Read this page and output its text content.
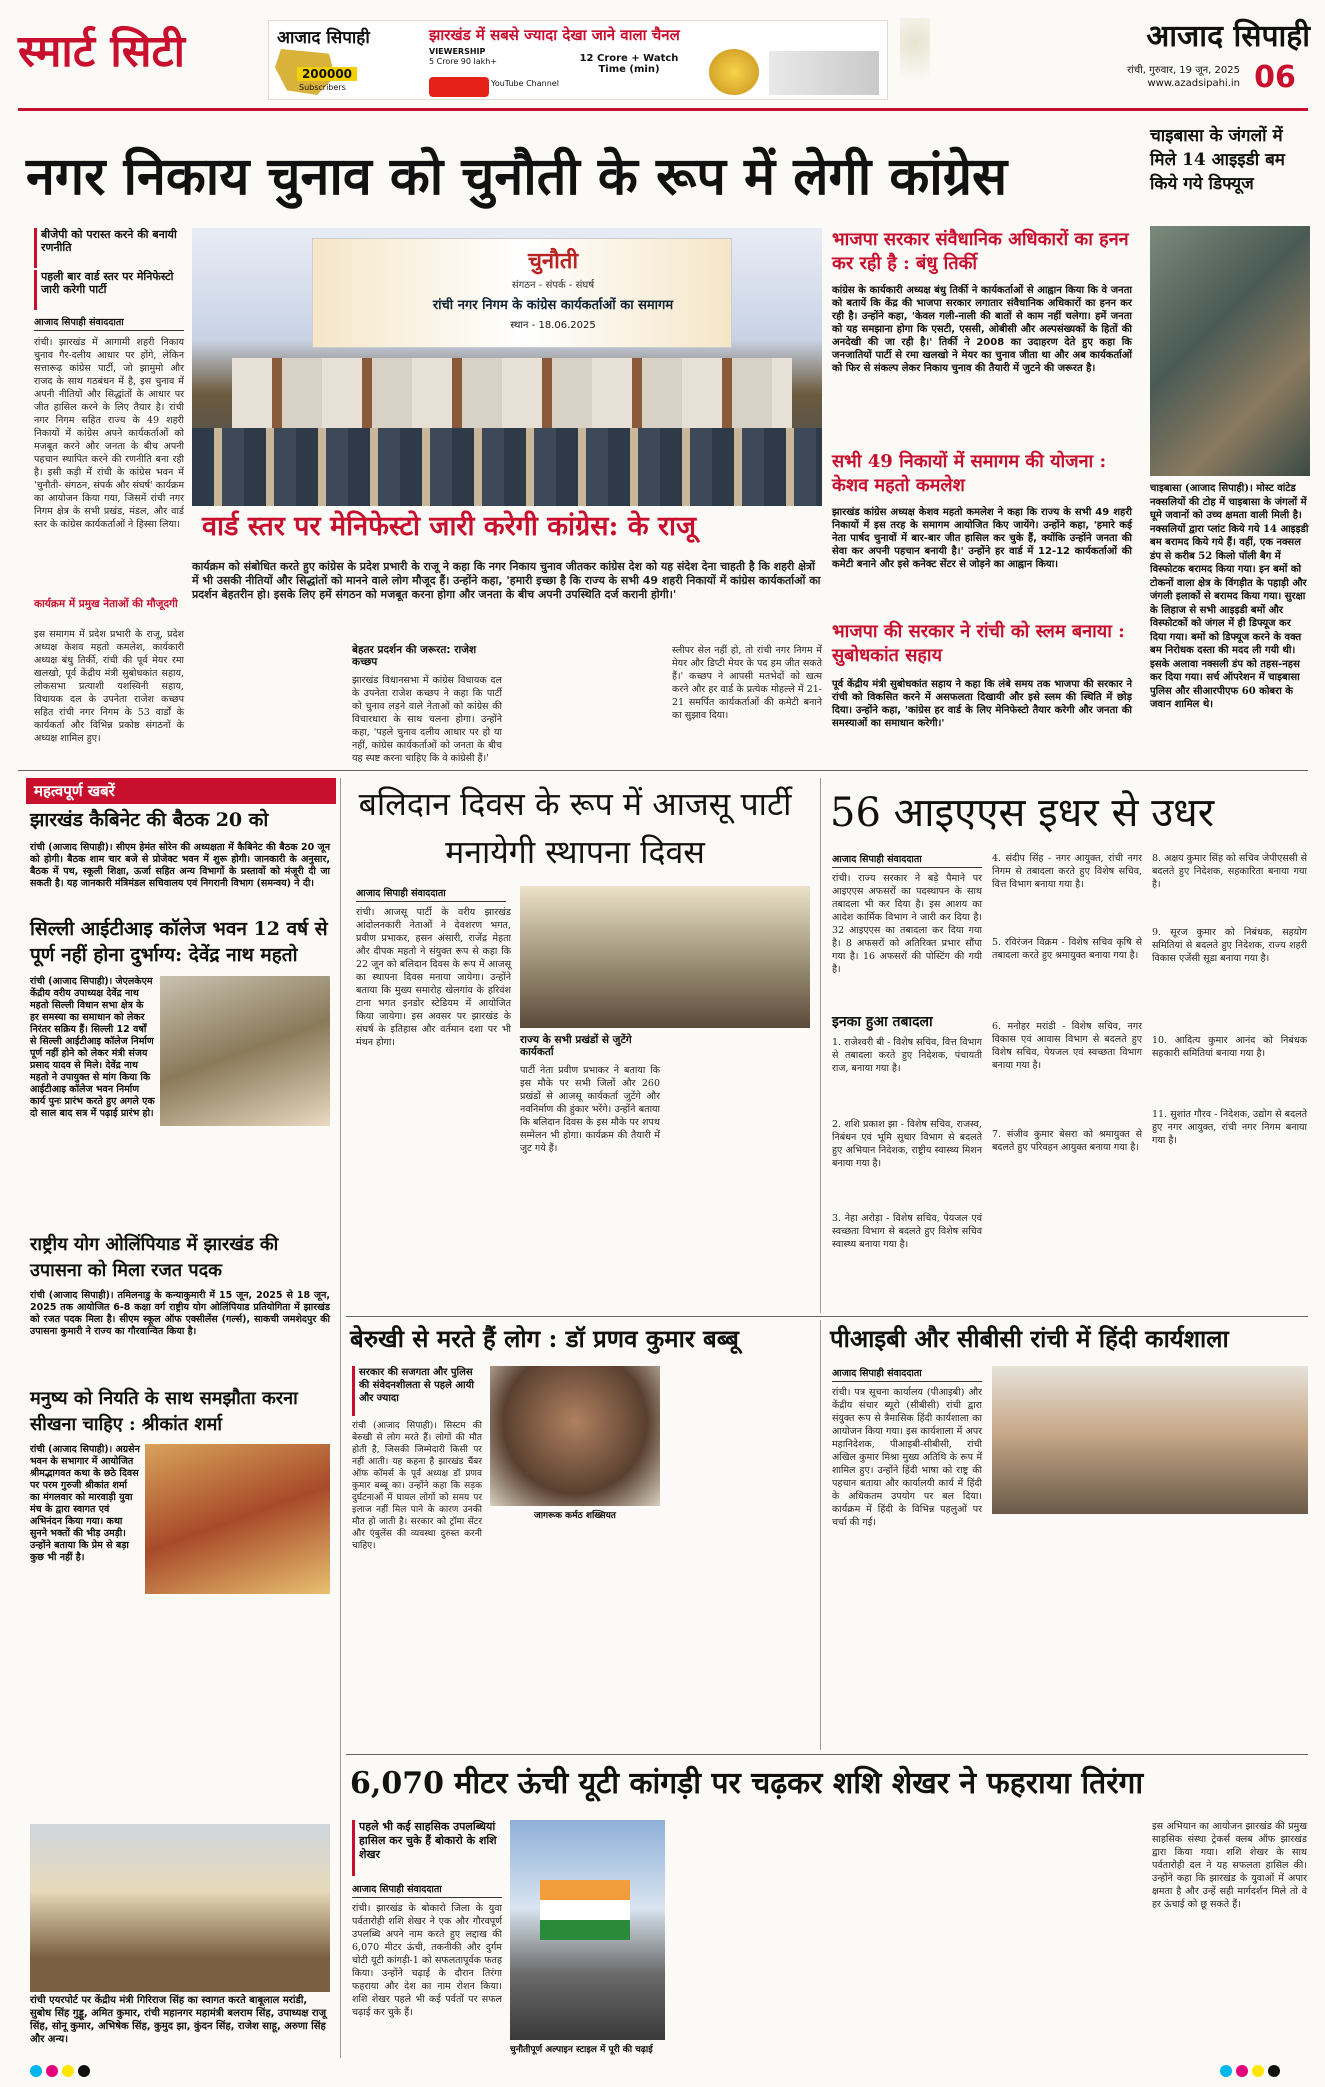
स्मार्ट सिटी	आजाद सिपाही
200000
Subscribers
झारखंड में सबसे ज्यादा देखा जाने वाला चैनल
VIEWERSHIP
5 Crore 90 lakh+
YouTube Channel
12 Crore + Watch Time (min)
आजाद सिपाही
रांची, गुरुवार, 19 जून, 2025
www.azadsipahi.in 06
नगर निकाय चुनाव को चुनौती के रूप में लेगी कांग्रेस
चाइबासा के जंगलों में मिले 14 आइइडी बम किये गये डिफ्यूज
चाइबासा (आजाद सिपाही)। मोस्ट वांटेड नक्सलियों की टोह में चाइबासा के जंगलों में घूमे जवानों को उच्च क्षमता वाली मिली है। नक्सलियों द्वारा प्लांट किये गये 14 आइइडी बम बरामद किये गये हैं। वहीं, एक नक्सल डंप से करीब 52 किलो पॉली बैग में विस्फोटक बरामद किया गया। इन बमों को टोकनों वाला क्षेत्र के विंगड़ीत के पहाड़ी और जंगली इलाकों से बरामद किया गया। सुरक्षा के लिहाज से सभी आइइडी बमों और विस्फोटकों को जंगल में ही डिफ्यूज कर दिया गया। बमों को डिफ्यूज करने के वक्त बम निरोधक दस्ता की मदद ली गयी थी। इसके अलावा नक्सली डंप को तहस-नहस कर दिया गया। सर्च ऑपरेशन में चाइबासा पुलिस और सीआरपीएफ 60 कोबरा के जवान शामिल थे।
बीजेपी को परास्त करने की बनायी रणनीति
पहली बार वार्ड स्तर पर मेनिफेस्टो जारी करेगी पार्टी
आजाद सिपाही संवाददाता
रांची। झारखंड में आगामी शहरी निकाय चुनाव गैर-दलीय आधार पर होंगे, लेकिन सत्तारूढ़ कांग्रेस पार्टी, जो झामुमो और राजद के साथ गठबंधन में है, इस चुनाव में अपनी नीतियों और सिद्धांतों के आधार पर जीत हासिल करने के लिए तैयार है। रांची नगर निगम सहित राज्य के 49 शहरी निकायों में कांग्रेस अपने कार्यकर्ताओं को मजबूत करने और जनता के बीच अपनी पहचान स्थापित करने की रणनीति बना रही है। इसी कड़ी में रांची के कांग्रेस भवन में 'चुनौती- संगठन, संपर्क और संघर्ष' कार्यक्रम का आयोजन किया गया, जिसमें रांची नगर निगम क्षेत्र के सभी प्रखंड, मंडल, और वार्ड स्तर के कांग्रेस कार्यकर्ताओं ने हिस्सा लिया।
कार्यक्रम में प्रमुख नेताओं की मौजूदगी
इस समागम में प्रदेश प्रभारी के राजू, प्रदेश अध्यक्ष केशव महतो कमलेश, कार्यकारी अध्यक्ष बंधु तिर्की, रांची की पूर्व मेयर रमा खलखो, पूर्व केंद्रीय मंत्री सुबोधकांत सहाय, लोकसभा प्रत्याशी यशस्विनी सहाय, विधायक दल के उपनेता राजेश कच्छप सहित रांची नगर निगम के 53 वार्डों के कार्यकर्ता और विभिन्न प्रकोष्ठ संगठनों के अध्यक्ष शामिल हुए।
चुनौती
संगठन - संपर्क - संघर्ष
रांची नगर निगम के कांग्रेस कार्यकर्ताओं का समागम
स्थान - 18.06.2025
वार्ड स्तर पर मेनिफेस्टो जारी करेगी कांग्रेस: के राजू
कार्यक्रम को संबोधित करते हुए कांग्रेस के प्रदेश प्रभारी के राजू ने कहा कि नगर निकाय चुनाव जीतकर कांग्रेस देश को यह संदेश देना चाहती है कि शहरी क्षेत्रों में भी उसकी नीतियों और सिद्धांतों को मानने वाले लोग मौजूद हैं। उन्होंने कहा, 'हमारी इच्छा है कि राज्य के सभी 49 शहरी निकायों में कांग्रेस कार्यकर्ताओं का प्रदर्शन बेहतरीन हो। इसके लिए हमें संगठन को मजबूत करना होगा और जनता के बीच अपनी उपस्थिति दर्ज करानी होगी।'
बेहतर प्रदर्शन की जरूरत: राजेश कच्छप
झारखंड विधानसभा में कांग्रेस विधायक दल के उपनेता राजेश कच्छप ने कहा कि पार्टी को चुनाव लड़ने वाले नेताओं को कांग्रेस की विचारधारा के साथ चलना होगा। उन्होंने कहा, 'पहले चुनाव दलीय आधार पर हो या नहीं, कांग्रेस कार्यकर्ताओं को जनता के बीच यह स्पष्ट करना चाहिए कि वे कांग्रेसी हैं।'
स्लीपर सेल नहीं हो, तो रांची नगर निगम में मेयर और डिप्टी मेयर के पद हम जीत सकते हैं।' कच्छप ने आपसी मतभेदों को खत्म करने और हर वार्ड के प्रत्येक मोहल्ले में 21-21 समर्पित कार्यकर्ताओं की कमेटी बनाने का सुझाव दिया।
भाजपा सरकार संवैधानिक अधिकारों का हनन कर रही है : बंधु तिर्की
कांग्रेस के कार्यकारी अध्यक्ष बंधु तिर्की ने कार्यकर्ताओं से आह्वान किया कि वे जनता को बतायें कि केंद्र की भाजपा सरकार लगातार संवैधानिक अधिकारों का हनन कर रही है। उन्होंने कहा, 'केवल गली-नाली की बातों से काम नहीं चलेगा। हमें जनता को यह समझाना होगा कि एसटी, एससी, ओबीसी और अल्पसंख्यकों के हितों की अनदेखी की जा रही है।' तिर्की ने 2008 का उदाहरण देते हुए कहा कि जनजातियों पार्टी से रमा खलखो ने मेयर का चुनाव जीता था और अब कार्यकर्ताओं को फिर से संकल्प लेकर निकाय चुनाव की तैयारी में जुटने की जरूरत है।
सभी 49 निकायों में समागम की योजना : केशव महतो कमलेश
झारखंड कांग्रेस अध्यक्ष केशव महतो कमलेश ने कहा कि राज्य के सभी 49 शहरी निकायों में इस तरह के समागम आयोजित किए जायेंगे। उन्होंने कहा, 'हमारे कई नेता पार्षद चुनावों में बार-बार जीत हासिल कर चुके हैं, क्योंकि उन्होंने जनता की सेवा कर अपनी पहचान बनायी है।' उन्होंने हर वार्ड में 12-12 कार्यकर्ताओं की कमेटी बनाने और इसे कनेक्ट सेंटर से जोड़ने का आह्वान किया।
भाजपा की सरकार ने रांची को स्लम बनाया : सुबोधकांत सहाय
पूर्व केंद्रीय मंत्री सुबोधकांत सहाय ने कहा कि लंबे समय तक भाजपा की सरकार ने रांची को विकसित करने में असफलता दिखायी और इसे स्लम की स्थिति में छोड़ दिया। उन्होंने कहा, 'कांग्रेस हर वार्ड के लिए मेनिफेस्टो तैयार करेगी और जनता की समस्याओं का समाधान करेगी।'
महत्वपूर्ण खबरें
झारखंड कैबिनेट की बैठक 20 को
रांची (आजाद सिपाही)। सीएम हेमंत सोरेन की अध्यक्षता में कैबिनेट की बैठक 20 जून को होगी। बैठक शाम चार बजे से प्रोजेक्ट भवन में शुरू होगी। जानकारी के अनुसार, बैठक में पथ, स्कूली शिक्षा, ऊर्जा सहित अन्य विभागों के प्रस्तावों को मंजूरी दी जा सकती है। यह जानकारी मंत्रिमंडल सचिवालय एवं निगरानी विभाग (समन्वय) ने दी।
सिल्ली आईटीआइ कॉलेज भवन 12 वर्ष से पूर्ण नहीं होना दुर्भाग्य: देवेंद्र नाथ महतो
रांची (आजाद सिपाही)। जेएलकेएम केंद्रीय वरीय उपाध्यक्ष देवेंद्र नाथ महतो सिल्ली विधान सभा क्षेत्र के हर समस्या का समाधान को लेकर निरंतर सक्रिय हैं। सिल्ली 12 वर्षों से सिल्ली आईटीआइ कॉलेज निर्माण पूर्ण नहीं होने को लेकर मंत्री संजय प्रसाद यादव से मिले। देवेंद्र नाथ महतो ने उपायुक्त से मांग किया कि आईटीआइ कॉलेज भवन निर्माण कार्य पुनः प्रारंभ करते हुए अगले एक दो साल बाद सत्र में पढ़ाई प्रारंभ हो।
राष्ट्रीय योग ओलिंपियाड में झारखंड की उपासना को मिला रजत पदक
रांची (आजाद सिपाही)। तमिलनाडु के कन्याकुमारी में 15 जून, 2025 से 18 जून, 2025 तक आयोजित 6-8 कक्षा वर्ग राष्ट्रीय योग ओलिंपियाड प्रतियोगिता में झारखंड को रजत पदक मिला है। सीएम स्कूल ऑफ एक्सीलेंस (गर्ल्स), साकची जमशेदपुर की उपासना कुमारी ने राज्य का गौरवान्वित किया है।
मनुष्य को नियति के साथ समझौता करना सीखना चाहिए : श्रीकांत शर्मा
रांची (आजाद सिपाही)। अग्रसेन भवन के सभागार में आयोजित श्रीमद्भागवत कथा के छठे दिवस पर परम गुरुजी श्रीकांत शर्मा का मंगलवार को मारवाड़ी युवा मंच के द्वारा स्वागत एवं अभिनंदन किया गया। कथा सुनने भक्तों की भीड़ उमड़ी। उन्होंने बताया कि प्रेम से बड़ा कुछ भी नहीं है।
रांची एयरपोर्ट पर केंद्रीय मंत्री गिरिराज सिंह का स्वागत करते बाबूलाल मरांडी, सुबोध सिंह गुड्डू, अमित कुमार, रांची महानगर महामंत्री बलराम सिंह, उपाध्यक्ष राजू सिंह, सोनू कुमार, अभिषेक सिंह, कुमुद झा, कुंदन सिंह, राजेश साहू, अरुणा सिंह और अन्य।
बलिदान दिवस के रूप में आजसू पार्टी मनायेगी स्थापना दिवस
आजाद सिपाही संवाददाता
रांची। आजसू पार्टी के वरीय झारखंड आंदोलनकारी नेताओं ने देवशरण भगत, प्रवीण प्रभाकर, हसन अंसारी, राजेंद्र मेहता और दीपक महतो ने संयुक्त रूप से कहा कि 22 जून को बलिदान दिवस के रूप में आजसू का स्थापना दिवस मनाया जायेगा। उन्होंने बताया कि मुख्य समारोह खेलगांव के हरिवंश टाना भगत इनडोर स्टेडियम में आयोजित किया जायेगा। इस अवसर पर झारखंड के संघर्ष के इतिहास और वर्तमान दशा पर भी मंथन होगा।	राज्य के सभी प्रखंडों से जुटेंगे कार्यकर्ता
पार्टी नेता प्रवीण प्रभाकर ने बताया कि इस मौके पर सभी जिलों और 260 प्रखंडों से आजसू कार्यकर्ता जुटेंगे और नवनिर्माण की हुंकार भरेंगे। उन्होंने बताया कि बलिदान दिवस के इस मौके पर शपथ सम्मेलन भी होगा। कार्यक्रम की तैयारी में जुट गये हैं।
56 आइएएस इधर से उधर
आजाद सिपाही संवाददाता
रांची। राज्य सरकार ने बड़े पैमाने पर आइएएस अफसरों का पदस्थापन के साथ तबादला भी कर दिया है। इस आशय का आदेश कार्मिक विभाग ने जारी कर दिया है। 32 आइएएस का तबादला कर दिया गया है। 8 अफसरों को अतिरिक्त प्रभार सौंपा गया है। 16 अफसरों की पोस्टिंग की गयी है।
इनका हुआ तबादला
1. राजेश्वरी बी - विशेष सचिव, वित्त विभाग से तबादला करते हुए निदेशक, पंचायती राज, बनाया गया है।
2. शशि प्रकाश झा - विशेष सचिव, राजस्व, निबंधन एवं भूमि सुधार विभाग से बदलते हुए अभियान निदेशक, राष्ट्रीय स्वास्थ्य मिशन बनाया गया है।
3. नेहा अरोड़ा - विशेष सचिव, पेयजल एवं स्वच्छता विभाग से बदलते हुए विशेष सचिव स्वास्थ्य बनाया गया है।
4. संदीप सिंह - नगर आयुक्त, रांची नगर निगम से तबादला करते हुए विशेष सचिव, वित्त विभाग बनाया गया है।
5. रविरंजन विक्रम - विशेष सचिव कृषि से तबादला करते हुए श्रमायुक्त बनाया गया है।
6. मनोहर मरांडी - विशेष सचिव, नगर विकास एवं आवास विभाग से बदलते हुए विशेष सचिव, पेयजल एवं स्वच्छता विभाग बनाया गया है।
7. संजीव कुमार बेसरा को श्रमायुक्त से बदलते हुए परिवहन आयुक्त बनाया गया है।
8. अक्षय कुमार सिंह को सचिव जेपीएससी से बदलते हुए निदेशक, सहकारिता बनाया गया है।
9. सूरज कुमार को निबंधक, सहयोग समितियां से बदलते हुए निदेशक, राज्य शहरी विकास एजेंसी सूडा बनाया गया है।
10. आदित्य कुमार आनंद को निबंधक सहकारी समितियां बनाया गया है।
11. सुशांत गौरव - निदेशक, उद्योग से बदलते हुए नगर आयुक्त, रांची नगर निगम बनाया गया है।
बेरुखी से मरते हैं लोग : डॉ प्रणव कुमार बब्बू
सरकार की सजगता और पुलिस की संवेदनशीलता से पहले आयी और ज्यादा
रांची (आजाद सिपाही)। सिस्टम की बेरुखी से लोग मरते हैं। लोगों की मौत होती है, जिसकी जिम्मेदारी किसी पर नहीं आती। यह कहना है झारखंड चैंबर ऑफ कॉमर्स के पूर्व अध्यक्ष डॉ प्रणव कुमार बब्बू का। उन्होंने कहा कि सड़क दुर्घटनाओं में घायल लोगों को समय पर इलाज नहीं मिल पाने के कारण उनकी मौत हो जाती है। सरकार को ट्रॉमा सेंटर और एंबुलेंस की व्यवस्था दुरुस्त करनी चाहिए।
जागरूक कर्मठ शख्सियत
पीआइबी और सीबीसी रांची में हिंदी कार्यशाला
आजाद सिपाही संवाददाता
रांची। पत्र सूचना कार्यालय (पीआइबी) और केंद्रीय संचार ब्यूरो (सीबीसी) रांची द्वारा संयुक्त रूप से त्रैमासिक हिंदी कार्यशाला का आयोजन किया गया। इस कार्यशाला में अपर महानिदेशक, पीआइबी-सीबीसी, रांची अखिल कुमार मिश्रा मुख्य अतिथि के रूप में शामिल हुए। उन्होंने हिंदी भाषा को राष्ट्र की पहचान बताया और कार्यालयी कार्य में हिंदी के अधिकतम उपयोग पर बल दिया। कार्यक्रम में हिंदी के विभिन्न पहलुओं पर चर्चा की गई।
6,070 मीटर ऊंची यूटी कांगड़ी पर चढ़कर शशि शेखर ने फहराया तिरंगा
पहले भी कई साहसिक उपलब्धियां हासिल कर चुके हैं बोकारो के शशि शेखर
आजाद सिपाही संवाददाता
रांची। झारखंड के बोकारो जिला के युवा पर्वतारोही शशि शेखर ने एक और गौरवपूर्ण उपलब्धि अपने नाम करते हुए लद्दाख की 6,070 मीटर ऊंची, तकनीकी और दुर्गम चोटी यूटी कांगड़ी-1 को सफलतापूर्वक फतह किया। उन्होंने चढ़ाई के दौरान तिरंगा फहराया और देश का नाम रोशन किया। शशि शेखर पहले भी कई पर्वतों पर सफल चढ़ाई कर चुके हैं।
चुनौतीपूर्ण अल्पाइन स्टाइल में पूरी की चढ़ाई
इस अभियान का आयोजन झारखंड की प्रमुख साहसिक संस्था ट्रेकर्स क्लब ऑफ झारखंड द्वारा किया गया। शशि शेखर के साथ पर्वतारोही दल ने यह सफलता हासिल की। उन्होंने कहा कि झारखंड के युवाओं में अपार क्षमता है और उन्हें सही मार्गदर्शन मिले तो वे हर ऊंचाई को छू सकते हैं।
